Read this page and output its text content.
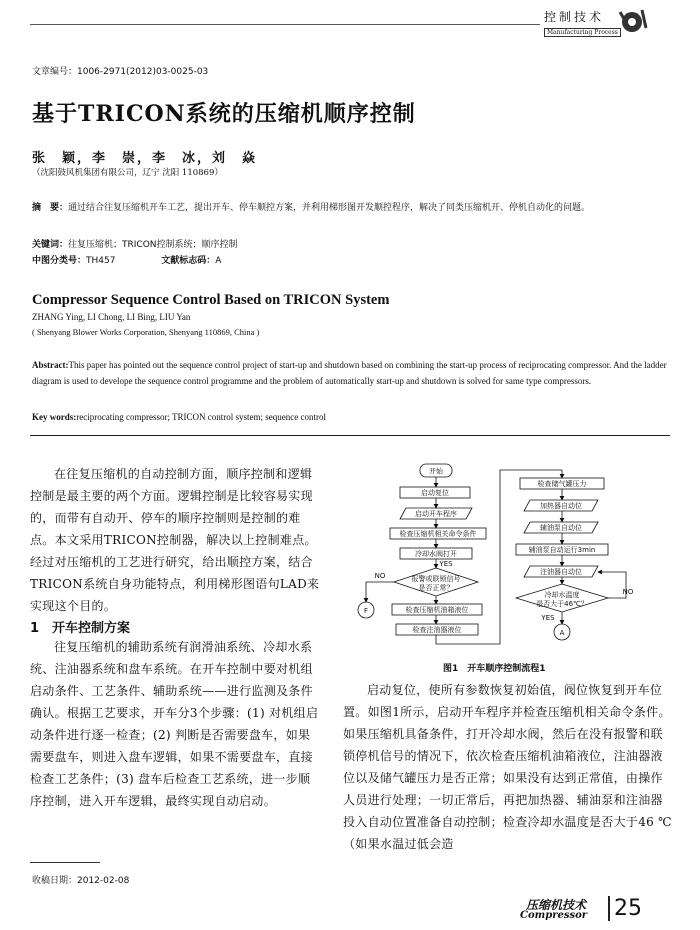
控制技术
Manufacturing Process
文章编号：1006-2971(2012)03-0025-03
基于TRICON系统的压缩机顺序控制
张　颖，李　崇，李　冰，刘　焱
（沈阳鼓风机集团有限公司，辽宁 沈阳 110869）
摘　要：通过结合往复压缩机开车工艺，提出开车、停车顺控方案，并利用梯形图开发顺控程序，解决了同类压缩机开、停机自动化的问题。
关键词：往复压缩机；TRICON控制系统；顺序控制
中图分类号：TH457	文献标志码：A
Compressor Sequence Control Based on TRICON System
ZHANG Ying, LI Chong, LI Bing, LIU Yan
( Shenyang Blower Works Corporation, Shenyang 110869, China )
Abstract:This paper has pointed out the sequence control project of start-up and shutdown based on combining the start-up process of reciprocating compressor. And the ladder diagram is used to develope the sequence control programme and the problem of automatically start-up and shutdown is solved for same type compressors.
Key words:reciprocating compressor; TRICON control system; sequence control
在往复压缩机的自动控制方面，顺序控制和逻辑控制是最主要的两个方面。逻辑控制是比较容易实现的，而带有自动开、停车的顺序控制则是控制的难点。本文采用TRICON控制器，解决以上控制难点。经过对压缩机的工艺进行研究，给出顺控方案，结合TRICON系统自身功能特点，利用梯形图语句LAD来实现这个目的。
1　开车控制方案
往复压缩机的辅助系统有润滑油系统、冷却水系统、注油器系统和盘车系统。在开车控制中要对机组启动条件、工艺条件、辅助系统——进行监测及条件确认。根据工艺要求，开车分3个步骤：(1) 对机组启动条件进行逐一检查；(2) 判断是否需要盘车，如果需要盘车，则进入盘车逻辑，如果不需要盘车，直接检查工艺条件；(3) 盘车后检查工艺系统，进一步顺序控制，进入开车逻辑，最终实现自动启动。
开始
启动复位
启动开车程序
检查压缩机相关命令条件
冷却水阀打开
YES
报警或联锁信号
是否正常？
NO
F	检查压缩机油箱液位
检查注油器液位
检查储气罐压力
加热器自动位
辅油泵自动位
辅油泵自动运行3min
注油器自动位
冷却水温度
是否大于46℃？
NO
YES
A
图1　开车顺序控制流程1
启动复位，使所有参数恢复初始值，阀位恢复到开车位置。如图1所示，启动开车程序并检查压缩机相关命令条件。如果压缩机具备条件，打开冷却水阀，然后在没有报警和联锁停机信号的情况下，依次检查压缩机油箱液位，注油器液位以及储气罐压力是否正常；如果没有达到正常值，由操作人员进行处理；一切正常后，再把加热器、辅油泵和注油器投入自动位置准备自动控制；检查冷却水温度是否大于46 ℃（如果水温过低会造
收稿日期：2012-02-08
压缩机技术
Compressor 25
